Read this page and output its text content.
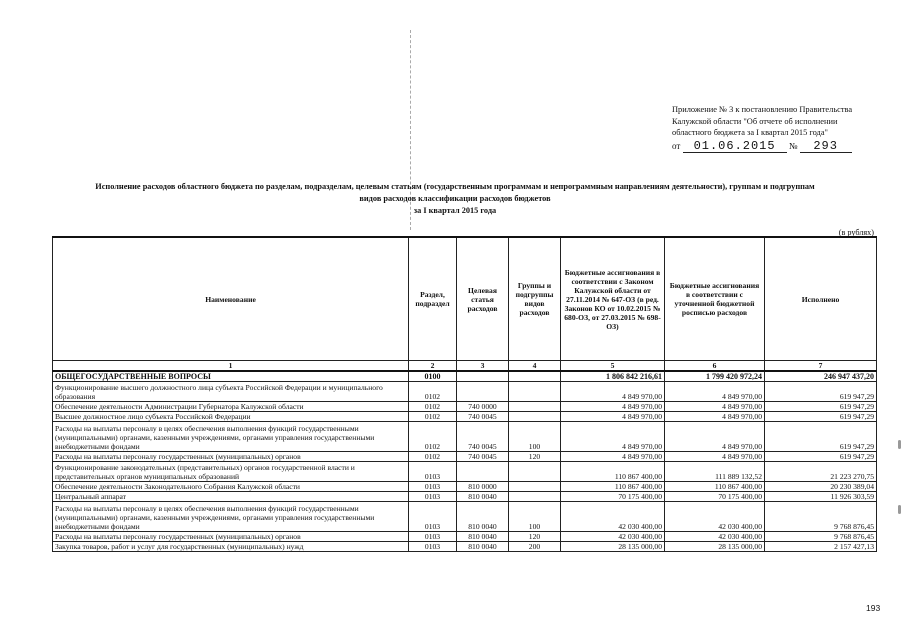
Приложение № 3 к постановлению Правительства
Калужской области "Об отчете об исполнении
областного бюджета за I квартал 2015 года"
от 01.06.2015 № 293
Исполнение расходов областного бюджета по разделам, подразделам, целевым статьям (государственным программам и непрограммным направлениям деятельности), группам и подгруппам
видов расходов классификации расходов бюджетов
за I квартал 2015 года
(в рублях)
Наименование	Раздел, подраздел	Целевая статья расходов	Группы и подгруппы видов расходов	Бюджетные ассигнования в соответствии с Законом Калужской области от 27.11.2014 № 647-ОЗ (в ред. Законов КО от 10.02.2015 № 680-ОЗ, от 27.03.2015 № 698-ОЗ)	Бюджетные ассигнования в соответствии с уточненной бюджетной росписью расходов	Исполнено
1	2	3	4	5	6	7
ОБЩЕГОСУДАРСТВЕННЫЕ ВОПРОСЫ	0100			1 806 842 216,61	1 799 420 972,24	246 947 437,20
Функционирование высшего должностного лица субъекта Российской Федерации и муниципального образования	0102			4 849 970,00	4 849 970,00	619 947,29
Обеспечение деятельности Администрации Губернатора Калужской области	0102	740 0000		4 849 970,00	4 849 970,00	619 947,29
Высшее должностное лицо субъекта Российской Федерации	0102	740 0045		4 849 970,00	4 849 970,00	619 947,29
Расходы на выплаты персоналу в целях обеспечения выполнения функций государственными (муниципальными) органами, казенными учреждениями, органами управления государственными внебюджетными фондами	0102	740 0045	100	4 849 970,00	4 849 970,00	619 947,29
Расходы на выплаты персоналу государственных (муниципальных) органов	0102	740 0045	120	4 849 970,00	4 849 970,00	619 947,29
Функционирование законодательных (представительных) органов государственной власти и представительных органов муниципальных образований	0103			110 867 400,00	111 889 132,52	21 223 270,75
Обеспечение деятельности Законодательного Собрания Калужской области	0103	810 0000		110 867 400,00	110 867 400,00	20 230 389,04
Центральный аппарат	0103	810 0040		70 175 400,00	70 175 400,00	11 926 303,59
Расходы на выплаты персоналу в целях обеспечения выполнения функций государственными (муниципальными) органами, казенными учреждениями, органами управления государственными внебюджетными фондами	0103	810 0040	100	42 030 400,00	42 030 400,00	9 768 876,45
Расходы на выплаты персоналу государственных (муниципальных) органов	0103	810 0040	120	42 030 400,00	42 030 400,00	9 768 876,45
Закупка товаров, работ и услуг для государственных (муниципальных) нужд	0103	810 0040	200	28 135 000,00	28 135 000,00	2 157 427,13
193
